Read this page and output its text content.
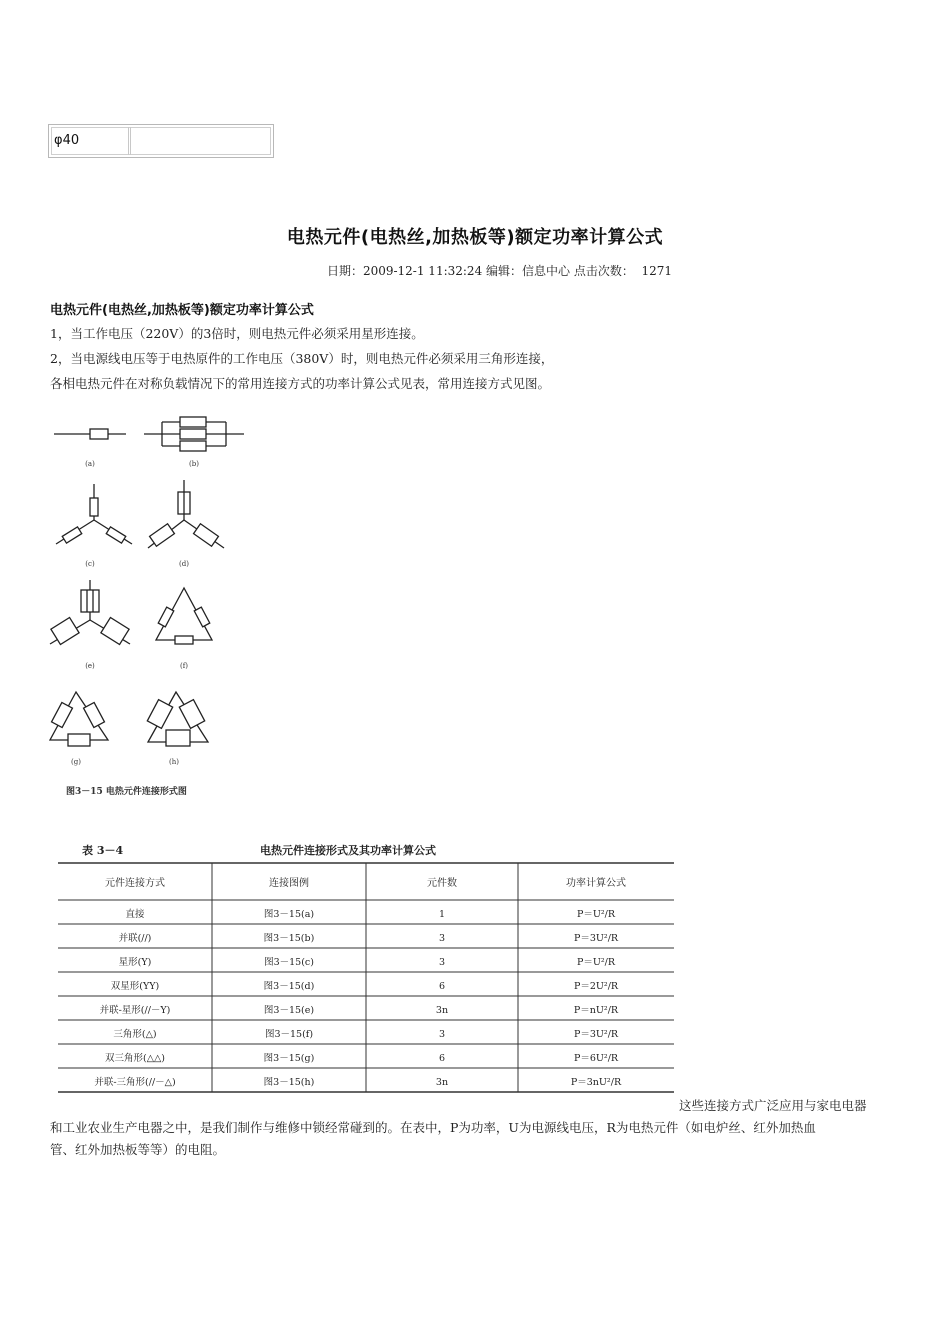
φ40
电热元件(电热丝,加热板等)额定功率计算公式
日期：2009-12-1 11:32:24 编辑：信息中心 点击次数：  1271
电热元件(电热丝,加热板等)额定功率计算公式
1，当工作电压（220V）的3倍时，则电热元件必须采用星形连接。
2，当电源线电压等于电热原件的工作电压（380V）时，则电热元件必须采用三角形连接，
各相电热元件在对称负载情况下的常用连接方式的功率计算公式见表，常用连接方式见图。
(a)	(b)
(c)	(d)
(e)	(f)
(g)	(h)
图3－15 电热元件连接形式图
表 3－4	电热元件连接形式及其功率计算公式
元件连接方式	连接图例	元件数	功率计算公式
直接	图3－15(a)	1	P＝U²/R
并联(//)	图3－15(b)	3	P＝3U²/R
星形(Y)	图3－15(c)	3	P＝U²/R
双星形(YY)	图3－15(d)	6	P＝2U²/R
并联-星形(//－Y)	图3－15(e)	3n	P＝nU²/R
三角形(△)	图3－15(f)	3	P＝3U²/R
双三角形(△△)	图3－15(g)	6	P＝6U²/R
并联-三角形(//－△)	图3－15(h)	3n	P＝3nU²/R
这些连接方式广泛应用与家电电器
和工业农业生产电器之中，是我们制作与维修中锁经常碰到的。在表中，P为功率，U为电源线电压，R为电热元件（如电炉丝、红外加热血
管、红外加热板等等）的电阻。
